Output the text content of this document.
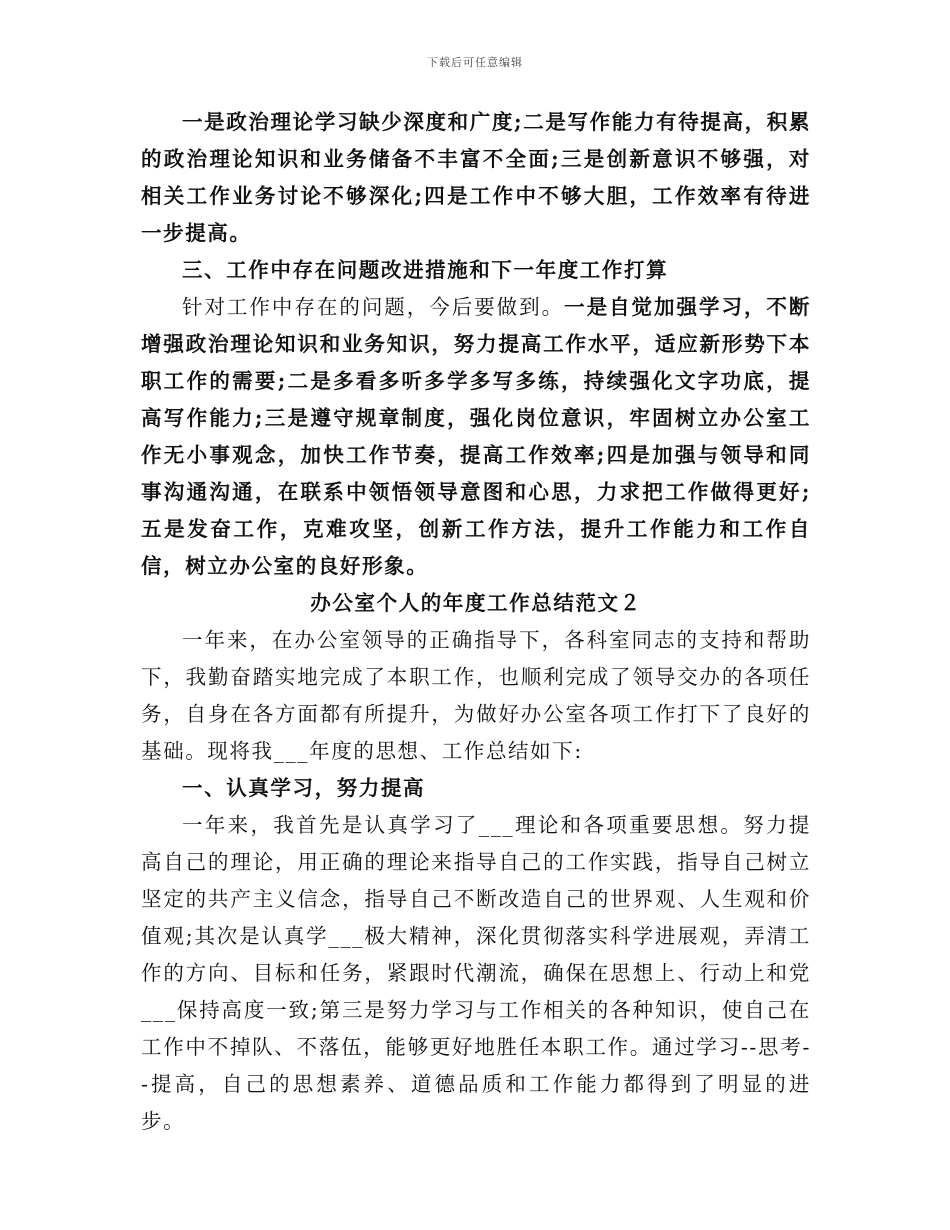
下载后可任意编辑

一是政治理论学习缺少深度和广度;二是写作能力有待提高，积累的政治理论知识和业务储备不丰富不全面;三是创新意识不够强，对相关工作业务讨论不够深化;四是工作中不够大胆，工作效率有待进一步提高。

三、工作中存在问题改进措施和下一年度工作打算

针对工作中存在的问题，今后要做到。一是自觉加强学习，不断增强政治理论知识和业务知识，努力提高工作水平，适应新形势下本职工作的需要;二是多看多听多学多写多练，持续强化文字功底，提高写作能力;三是遵守规章制度，强化岗位意识，牢固树立办公室工作无小事观念，加快工作节奏，提高工作效率;四是加强与领导和同事沟通沟通，在联系中领悟领导意图和心思，力求把工作做得更好;五是发奋工作，克难攻坚，创新工作方法，提升工作能力和工作自信，树立办公室的良好形象。

办公室个人的年度工作总结范文２

一年来，在办公室领导的正确指导下，各科室同志的支持和帮助下，我勤奋踏实地完成了本职工作，也顺利完成了领导交办的各项任务，自身在各方面都有所提升，为做好办公室各项工作打下了良好的基础。现将我___年度的思想、工作总结如下:

一、认真学习，努力提高

一年来，我首先是认真学习了___理论和各项重要思想。努力提高自己的理论，用正确的理论来指导自己的工作实践，指导自己树立坚定的共产主义信念，指导自己不断改造自己的世界观、人生观和价值观;其次是认真学___极大精神，深化贯彻落实科学进展观，弄清工作的方向、目标和任务，紧跟时代潮流，确保在思想上、行动上和党___保持高度一致;第三是努力学习与工作相关的各种知识，使自己在工作中不掉队、不落伍，能够更好地胜任本职工作。通过学习--思考--提高，自己的思想素养、道德品质和工作能力都得到了明显的进步。
